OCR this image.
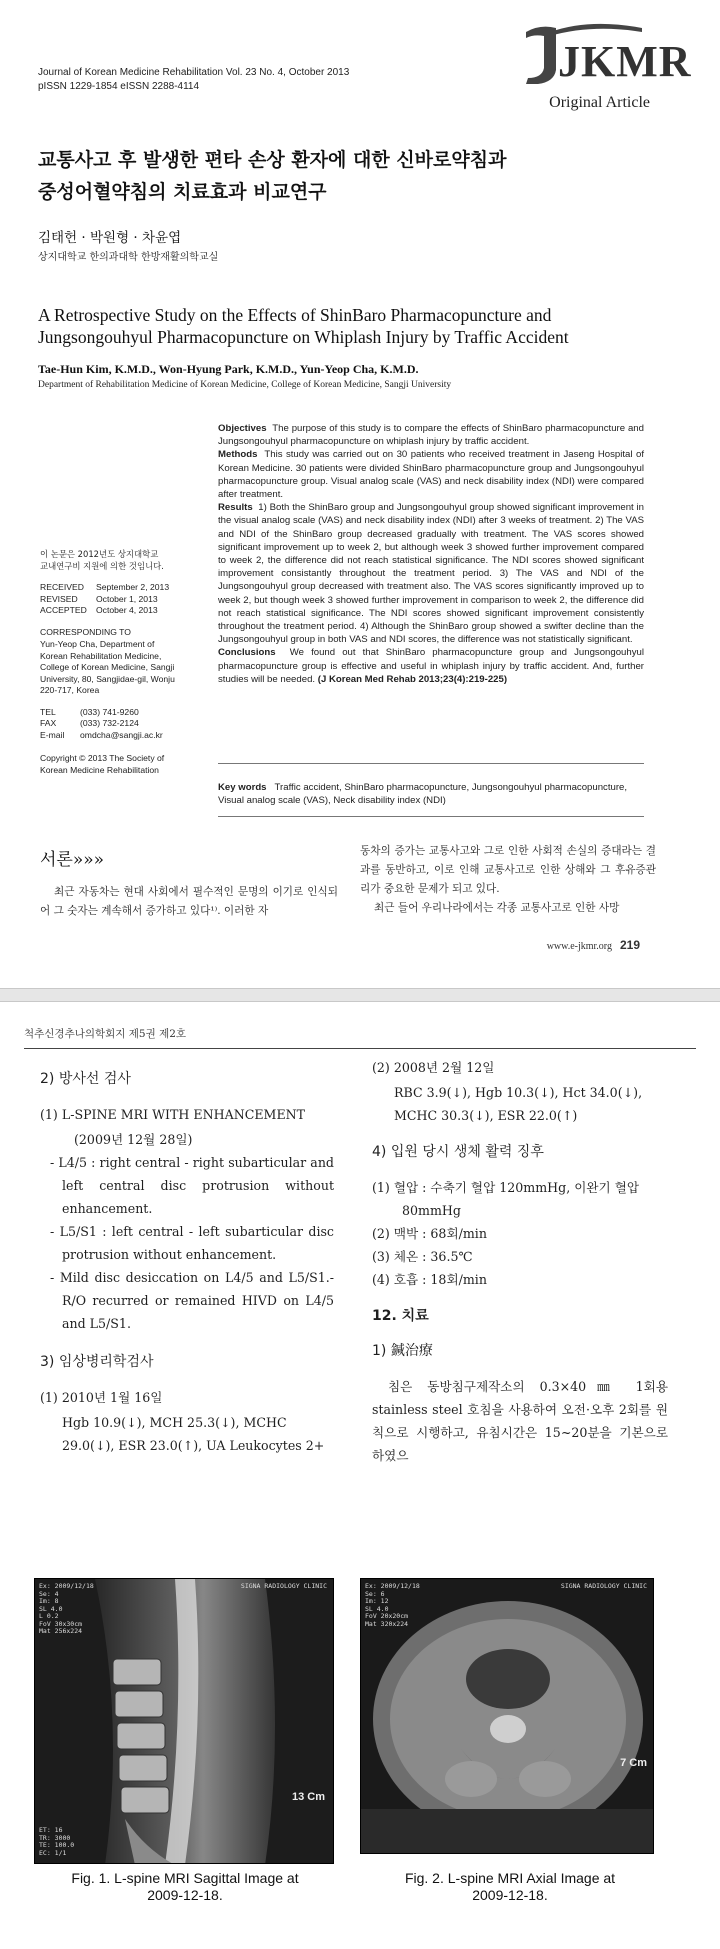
Journal of Korean Medicine Rehabilitation Vol. 23 No. 4, October 2013
pISSN 1229-1854 eISSN 2288-4114
JKMR
Original Article
교통사고 후 발생한 편타 손상 환자에 대한 신바로약침과
중성어혈약침의 치료효과 비교연구
김태헌 · 박원형 · 차윤엽
상지대학교 한의과대학 한방재활의학교실
A Retrospective Study on the Effects of ShinBaro Pharmacopuncture and
Jungsongouhyul Pharmacopuncture on Whiplash Injury by Traffic Accident
Tae-Hun Kim, K.M.D., Won-Hyung Park, K.M.D., Yun-Yeop Cha, K.M.D.
Department of Rehabilitation Medicine of Korean Medicine, College of Korean Medicine, Sangji University

Objectives The purpose of this study is to compare the effects of ShinBaro pharmacopuncture and Jungsongouhyul pharmacopuncture on whiplash injury by traffic accident.

Methods This study was carried out on 30 patients who received treatment in Jaseng Hospital of Korean Medicine. 30 patients were divided ShinBaro pharmacopuncture group and Jungsongouhyul pharmacopuncture group. Visual analog scale (VAS) and neck disability index (NDI) were compared after treatment.

Results 1) Both the ShinBaro group and Jungsongouhyul group showed significant improvement in the visual analog scale (VAS) and neck disability index (NDI) after 3 weeks of treatment. 2) The VAS and NDI of the ShinBaro group decreased gradually with treatment. The VAS scores showed significant improvement up to week 2, but although week 3 showed further improvement compared to week 2, the difference did not reach statistical significance. The NDI scores showed significant improvement consistantly throughout the treatment period. 3) The VAS and NDI of the Jungsongouhyul group decreased with treatment also. The VAS scores significantly improved up to week 2, but though week 3 showed further improvement in comparison to week 2, the difference did not reach statistical significance. The NDI scores showed significant improvement consistently throughout the treatment period. 4) Although the ShinBaro group showed a swifter decline than the Jungsongouhyul group in both VAS and NDI scores, the difference was not statistically significant.

Conclusions We found out that ShinBaro pharmacopuncture group and Jungsongouhyul pharmacopuncture group is effective and useful in whiplash injury by traffic accident. And, further studies will be needed. (J Korean Med Rehab 2013;23(4):219-225)

이 논문은 2012년도 상지대학교
교내연구비 지원에 의한 것임니다.
RECEIVED September 2, 2013
REVISED October 1, 2013
ACCEPTED October 4, 2013
CORRESPONDING TO
Yun-Yeop Cha, Department of
Korean Rehabilitation Medicine,
College of Korean Medicine, Sangji
University, 80, Sangjidae-gil, Wonju
220-717, Korea
TEL	(033) 741-9260
FAX	(033) 732-2124
E-mail omdcha@sangji.ac.kr
Copyright © 2013 The Society of
Korean Medicine Rehabilitation
Key words Traffic accident, ShinBaro pharmacopuncture, Jungsongouhyul pharmacopuncture, Visual analog scale (VAS), Neck disability index (NDI)
서론»»»
최근 자동차는 현대 사회에서 필수적인 문명의 이기로 인식되어 그 숫자는 계속해서 증가하고 있다¹⁾. 이러한 자

동차의 증가는 교통사고와 그로 인한 사회적 손실의 증대라는 결과를 동반하고, 이로 인해 교통사고로 인한 상해와 그 후유증관리가 중요한 문제가 되고 있다.

최근 들어 우리나라에서는 각종 교통사고로 인한 사망

www.e-jkmr.org 219
척추신경추나의학회지 제5권 제2호
2) 방사선 검사
(1) L-SPINE MRI WITH ENHANCEMENT
(2009년 12월 28일)
- L4/5 : right central - right subarticular and left central disc protrusion without enhancement.
- L5/S1 : left central - left subarticular disc protrusion without enhancement.
- Mild disc desiccation on L4/5 and L5/S1.- R/O recurred or remained HIVD on L4/5 and L5/S1.
3) 임상병리학검사
(1) 2010년 1월 16일
Hgb 10.9(↓), MCH 25.3(↓), MCHC 29.0(↓), ESR 23.0(↑), UA Leukocytes 2+
(2) 2008년 2월 12일
RBC 3.9(↓), Hgb 10.3(↓), Hct 34.0(↓), MCHC 30.3(↓), ESR 22.0(↑)
4) 입원 당시 생체 활력 징후
(1) 혈압 : 수축기 혈압 120mmHg, 이완기 혈압 80mmHg
(2) 맥박 : 68회/min
(3) 체온 : 36.5℃
(4) 호흡 : 18회/min
12. 치료
1) 鍼治療

침은 동방침구제작소의 0.3×40㎜ 1회용 stainless steel 호침을 사용하여 오전·오후 2회를 원칙으로 시행하고, 유침시간은 15~20분을 기본으로 하였으

Ex: 2009/12/18
Se: 4
Im: 8
SL 4.0
L 0.2
FoV 30x30cm
Mat 256x224
SIGNA RADIOLOGY CLINIC
13 Cm
ET: 16
TR: 3000
TE: 100.0
EC: 1/1
Ex: 2009/12/18
Se: 6
Im: 12
SL 4.0
FoV 20x20cm
Mat 320x224
SIGNA RADIOLOGY CLINIC
7 Cm
Fig. 1. L-spine MRI Sagittal Image at
2009-12-18.
Fig. 2. L-spine MRI Axial Image at
2009-12-18.
